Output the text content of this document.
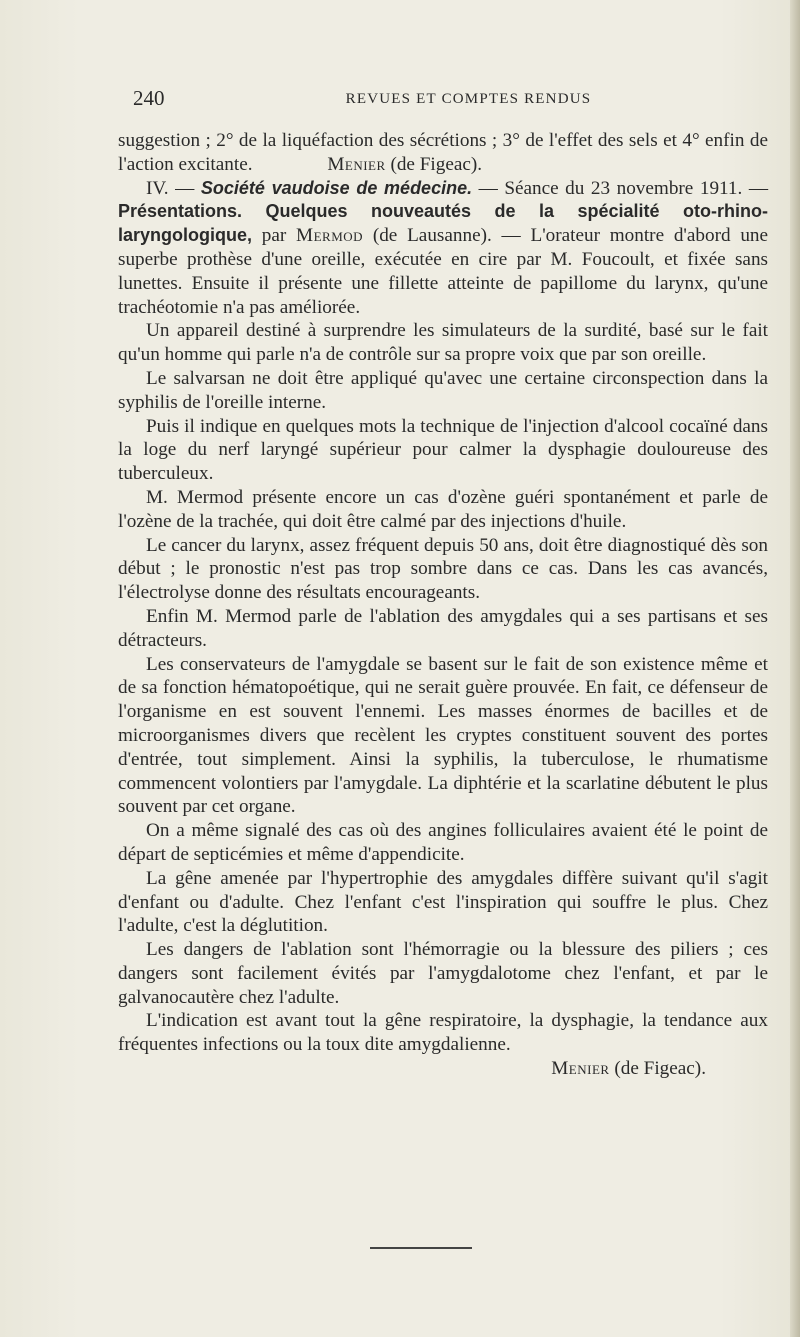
240	REVUES ET COMPTES RENDUS

suggestion ; 2° de la liquéfaction des sécrétions ; 3° de l'effet des sels et 4° enfin de l'action excitante.	Menier (de Figeac).

IV. — Société vaudoise de médecine. — Séance du 23 novembre 1911. — Présentations. Quelques nouveautés de la spécialité oto-rhino-laryngologique, par Mermod (de Lausanne). — L'orateur montre d'abord une superbe prothèse d'une oreille, exécutée en cire par M. Foucoult, et fixée sans lunettes. Ensuite il présente une fillette atteinte de papillome du larynx, qu'une trachéotomie n'a pas améliorée.

Un appareil destiné à surprendre les simulateurs de la surdité, basé sur le fait qu'un homme qui parle n'a de contrôle sur sa propre voix que par son oreille.

Le salvarsan ne doit être appliqué qu'avec une certaine circonspection dans la syphilis de l'oreille interne.

Puis il indique en quelques mots la technique de l'injection d'alcool cocaïné dans la loge du nerf laryngé supérieur pour calmer la dysphagie douloureuse des tuberculeux.

M. Mermod présente encore un cas d'ozène guéri spontanément et parle de l'ozène de la trachée, qui doit être calmé par des injections d'huile.

Le cancer du larynx, assez fréquent depuis 50 ans, doit être diagnostiqué dès son début ; le pronostic n'est pas trop sombre dans ce cas. Dans les cas avancés, l'électrolyse donne des résultats encourageants.

Enfin M. Mermod parle de l'ablation des amygdales qui a ses partisans et ses détracteurs.

Les conservateurs de l'amygdale se basent sur le fait de son existence même et de sa fonction hématopoétique, qui ne serait guère prouvée. En fait, ce défenseur de l'organisme en est souvent l'ennemi. Les masses énormes de bacilles et de microorganismes divers que recèlent les cryptes constituent souvent des portes d'entrée, tout simplement. Ainsi la syphilis, la tuberculose, le rhumatisme commencent volontiers par l'amygdale. La diphtérie et la scarlatine débutent le plus souvent par cet organe.

On a même signalé des cas où des angines folliculaires avaient été le point de départ de septicémies et même d'appendicite.

La gêne amenée par l'hypertrophie des amygdales diffère suivant qu'il s'agit d'enfant ou d'adulte. Chez l'enfant c'est l'inspiration qui souffre le plus. Chez l'adulte, c'est la déglutition.

Les dangers de l'ablation sont l'hémorragie ou la blessure des piliers ; ces dangers sont facilement évités par l'amygdalotome chez l'enfant, et par le galvanocautère chez l'adulte.

L'indication est avant tout la gêne respiratoire, la dysphagie, la tendance aux fréquentes infections ou la toux dite amygdalienne.

Menier (de Figeac).
